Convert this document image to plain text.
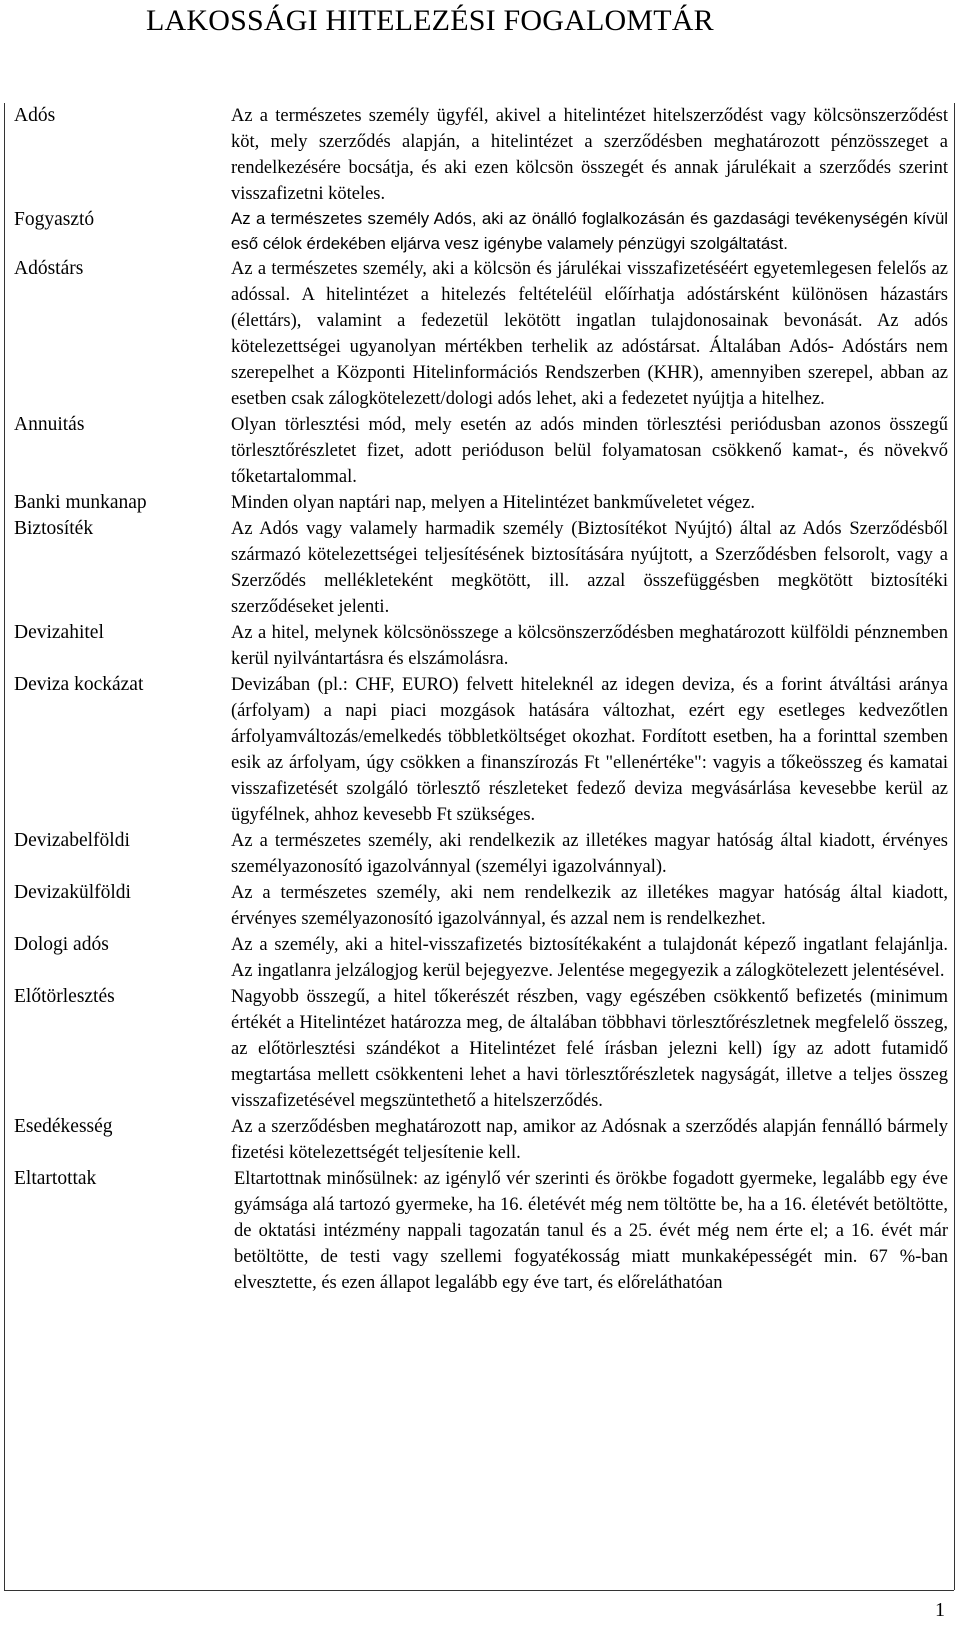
LAKOSSÁGI HITELEZÉSI FOGALOMTÁR
Adós	Az a természetes személy ügyfél, akivel a hitelintézet hitelszerződést vagy kölcsönszerződést köt, mely szerződés alapján, a hitelintézet a szerződésben meghatározott pénzösszeget a rendelkezésére bocsátja, és aki ezen kölcsön összegét és annak járulékait a szerződés szerint visszafizetni köteles.
Fogyasztó	Az a természetes személy Adós, aki az önálló foglalkozásán és gazdasági tevékenységén kívül eső célok érdekében eljárva vesz igénybe valamely pénzügyi szolgáltatást.
Adóstárs	Az a természetes személy, aki a kölcsön és járulékai visszafizetéséért egyetemlegesen felelős az adóssal. A hitelintézet a hitelezés feltételéül előírhatja adóstársként különösen házastárs (élettárs), valamint a fedezetül lekötött ingatlan tulajdonosainak bevonását. Az adós kötelezettségei ugyanolyan mértékben terhelik az adóstársat. Általában Adós- Adóstárs nem szerepelhet a Központi Hitelinformációs Rendszerben (KHR), amennyiben szerepel, abban az esetben csak zálogkötelezett/dologi adós lehet, aki a fedezetet nyújtja a hitelhez.
Annuitás	Olyan törlesztési mód, mely esetén az adós minden törlesztési periódusban azonos összegű törlesztőrészletet fizet, adott perióduson belül folyamatosan csökkenő kamat-, és növekvő tőketartalommal.
Banki munkanap	Minden olyan naptári nap, melyen a Hitelintézet bankműveletet végez.
Biztosíték	Az Adós vagy valamely harmadik személy (Biztosítékot Nyújtó) által az Adós Szerződésből származó kötelezettségei teljesítésének biztosítására nyújtott, a Szerződésben felsorolt, vagy a Szerződés mellékleteként megkötött, ill. azzal összefüggésben megkötött biztosítéki szerződéseket jelenti.
Devizahitel	Az a hitel, melynek kölcsönösszege a kölcsönszerződésben meghatározott külföldi pénznemben kerül nyilvántartásra és elszámolásra.
Deviza kockázat	Devizában (pl.: CHF, EURO) felvett hiteleknél az idegen deviza, és a forint átváltási aránya (árfolyam) a napi piaci mozgások hatására változhat, ezért egy esetleges kedvezőtlen árfolyamváltozás/emelkedés többletköltséget okozhat. Fordított esetben, ha a forinttal szemben esik az árfolyam, úgy csökken a finanszírozás Ft "ellenértéke": vagyis a tőkeösszeg és kamatai visszafizetését szolgáló törlesztő részleteket fedező deviza megvásárlása kevesebbe kerül az ügyfélnek, ahhoz kevesebb Ft szükséges.
Devizabelföldi	Az a természetes személy, aki rendelkezik az illetékes magyar hatóság által kiadott, érvényes személyazonosító igazolvánnyal (személyi igazolvánnyal).
Devizakülföldi	Az a természetes személy, aki nem rendelkezik az illetékes magyar hatóság által kiadott, érvényes személyazonosító igazolvánnyal, és azzal nem is rendelkezhet.
Dologi adós	Az a személy, aki a hitel-visszafizetés biztosítékaként a tulajdonát képező ingatlant felajánlja. Az ingatlanra jelzálogjog kerül bejegyezve. Jelentése megegyezik a zálogkötelezett jelentésével.
Előtörlesztés	Nagyobb összegű, a hitel tőkerészét részben, vagy egészében csökkentő befizetés (minimum értékét a Hitelintézet határozza meg, de általában többhavi törlesztőrészletnek megfelelő összeg, az előtörlesztési szándékot a Hitelintézet felé írásban jelezni kell) így az adott futamidő megtartása mellett csökkenteni lehet a havi törlesztőrészletek nagyságát, illetve a teljes összeg visszafizetésével megszüntethető a hitelszerződés.
Esedékesség	Az a szerződésben meghatározott nap, amikor az Adósnak a szerződés alapján fennálló bármely fizetési kötelezettségét teljesítenie kell.
Eltartottak	Eltartottnak minősülnek: az igénylő vér szerinti és örökbe fogadott gyermeke, legalább egy éve gyámsága alá tartozó gyermeke, ha 16. életévét még nem töltötte be, ha a 16. életévét betöltötte, de oktatási intézmény nappali tagozatán tanul és a 25. évét még nem érte el; a 16. évét már betöltötte, de testi vagy szellemi fogyatékosság miatt munkaképességét min. 67 %-ban elvesztette, és ezen állapot legalább egy éve tart, és előreláthatóan

1
